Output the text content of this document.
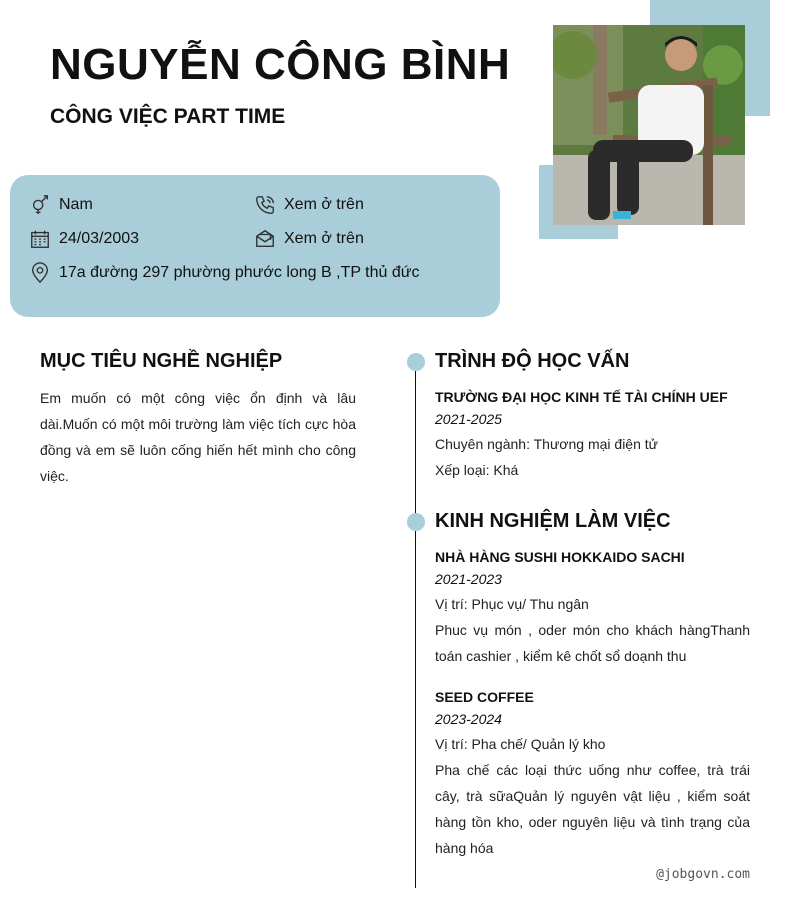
NGUYỄN CÔNG BÌNH
CÔNG VIỆC PART TIME
Nam	Xem ở trên
24/03/2003	Xem ở trên
17a đường 297 phường phước long B ,TP thủ đức
MỤC TIÊU NGHỀ NGHIỆP
Em muốn có một công việc ổn định và lâu dài.Muốn có một môi trường làm việc tích cực hòa đồng và em sẽ luôn cống hiến hết mình cho công việc.
TRÌNH ĐỘ HỌC VẤN
TRƯỜNG ĐẠI HỌC KINH TẾ TÀI CHÍNH UEF
2021-2025
Chuyên ngành: Thương mại điện tử
Xếp loại: Khá
KINH NGHIỆM LÀM VIỆC
NHÀ HÀNG SUSHI HOKKAIDO SACHI
2021-2023
Vị trí: Phục vụ/ Thu ngân
Phuc vụ món , oder món cho khách hàngThanh toán cashier , kiểm kê chốt sổ doạnh thu
SEED COFFEE
2023-2024
Vị trí: Pha chế/ Quản lý kho
Pha chế các loại thức uống như coffee, trà trái cây, trà sữaQuản lý nguyên vật liệu , kiểm soát hàng tồn kho, oder nguyên liệu và tình trạng của hàng hóa
@jobgovn.com
